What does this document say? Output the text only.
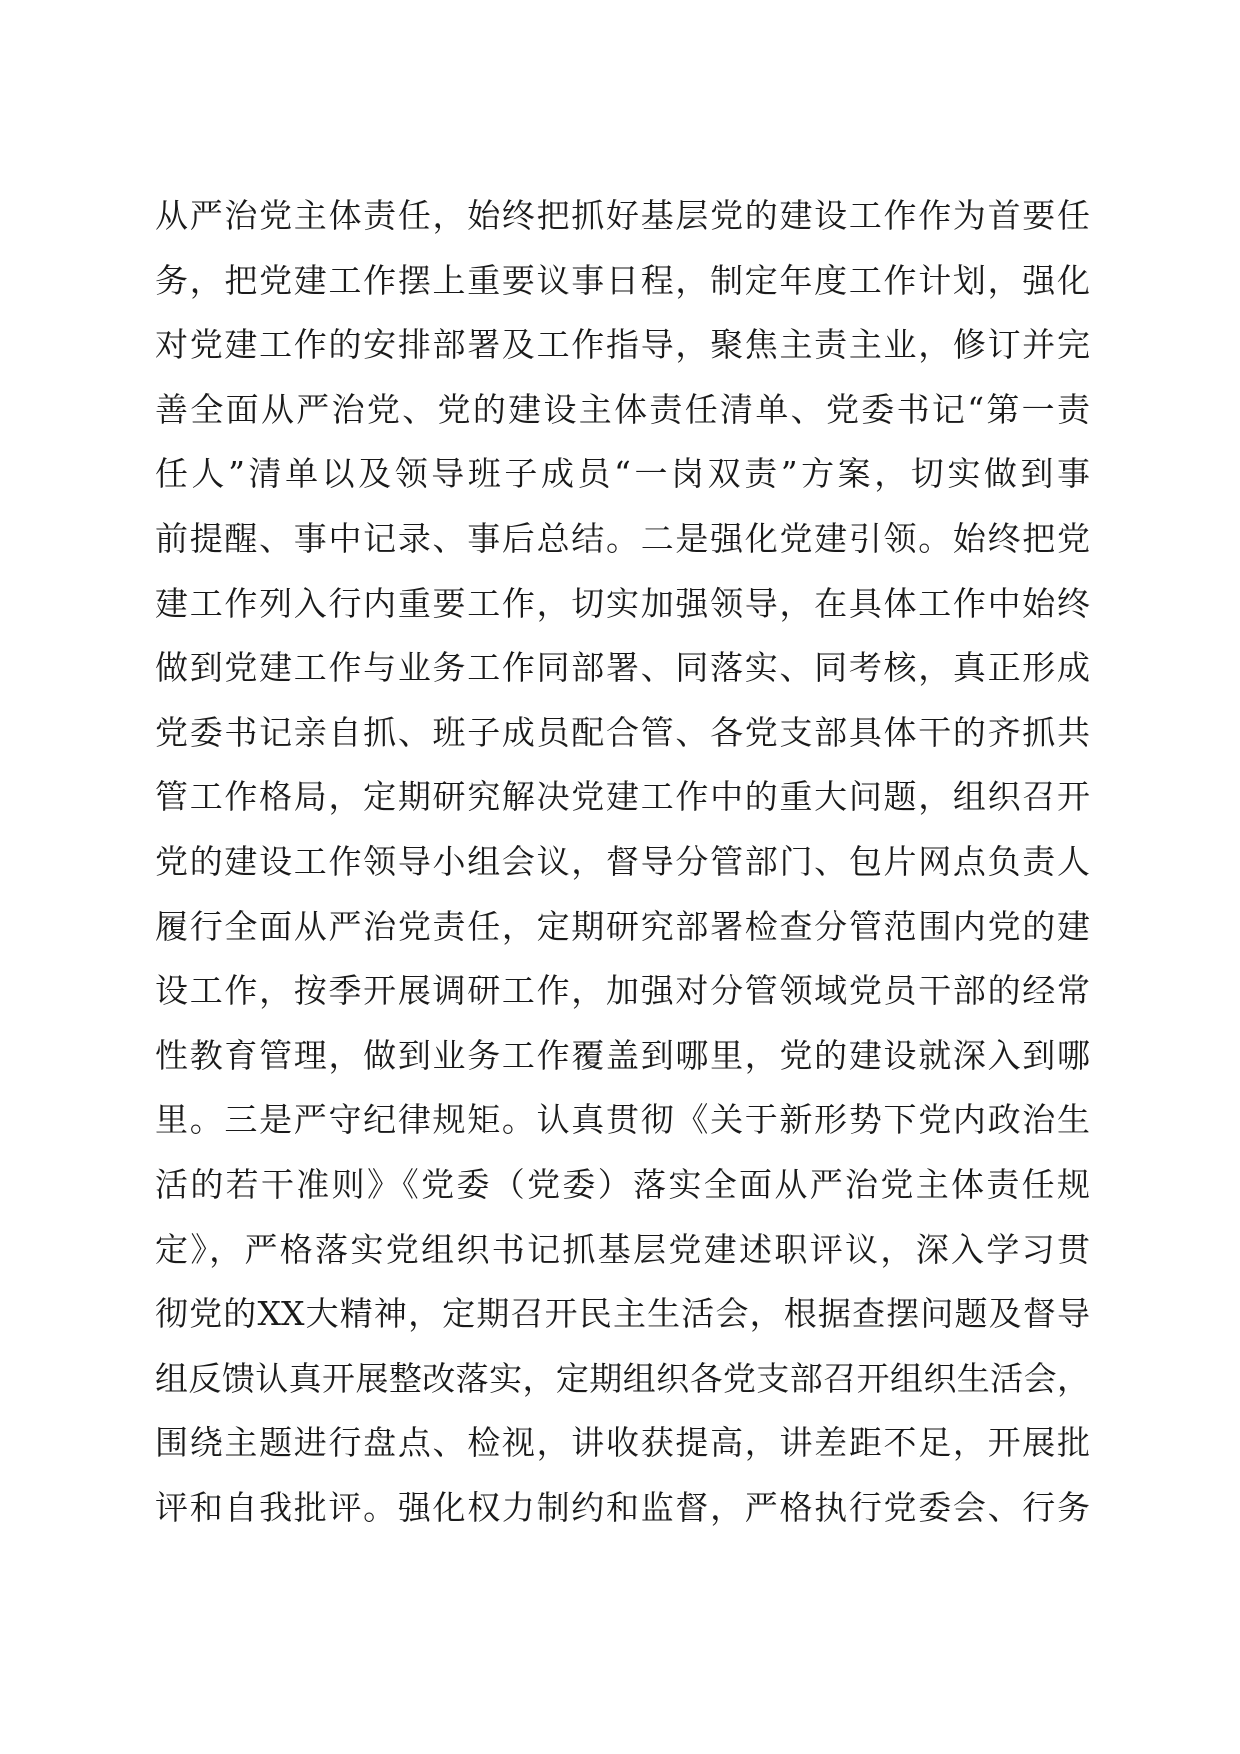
从严治党主体责任，始终把抓好基层党的建设工作作为首要任
务，把党建工作摆上重要议事日程，制定年度工作计划，强化
对党建工作的安排部署及工作指导，聚焦主责主业，修订并完
善全面从严治党、党的建设主体责任清单、党委书记“第一责
任人”清单以及领导班子成员“一岗双责”方案，切实做到事
前提醒、事中记录、事后总结。二是强化党建引领。始终把党
建工作列入行内重要工作，切实加强领导，在具体工作中始终
做到党建工作与业务工作同部署、同落实、同考核，真正形成
党委书记亲自抓、班子成员配合管、各党支部具体干的齐抓共
管工作格局，定期研究解决党建工作中的重大问题，组织召开
党的建设工作领导小组会议，督导分管部门、包片网点负责人
履行全面从严治党责任，定期研究部署检查分管范围内党的建
设工作，按季开展调研工作，加强对分管领域党员干部的经常
性教育管理，做到业务工作覆盖到哪里，党的建设就深入到哪
里。三是严守纪律规矩。认真贯彻《关于新形势下党内政治生
活的若干准则》《党委（党委）落实全面从严治党主体责任规
定》，严格落实党组织书记抓基层党建述职评议，深入学习贯
彻党的XX大精神，定期召开民主生活会，根据查摆问题及督导
组反馈认真开展整改落实，定期组织各党支部召开组织生活会，
围绕主题进行盘点、检视，讲收获提高，讲差距不足，开展批
评和自我批评。强化权力制约和监督，严格执行党委会、行务
